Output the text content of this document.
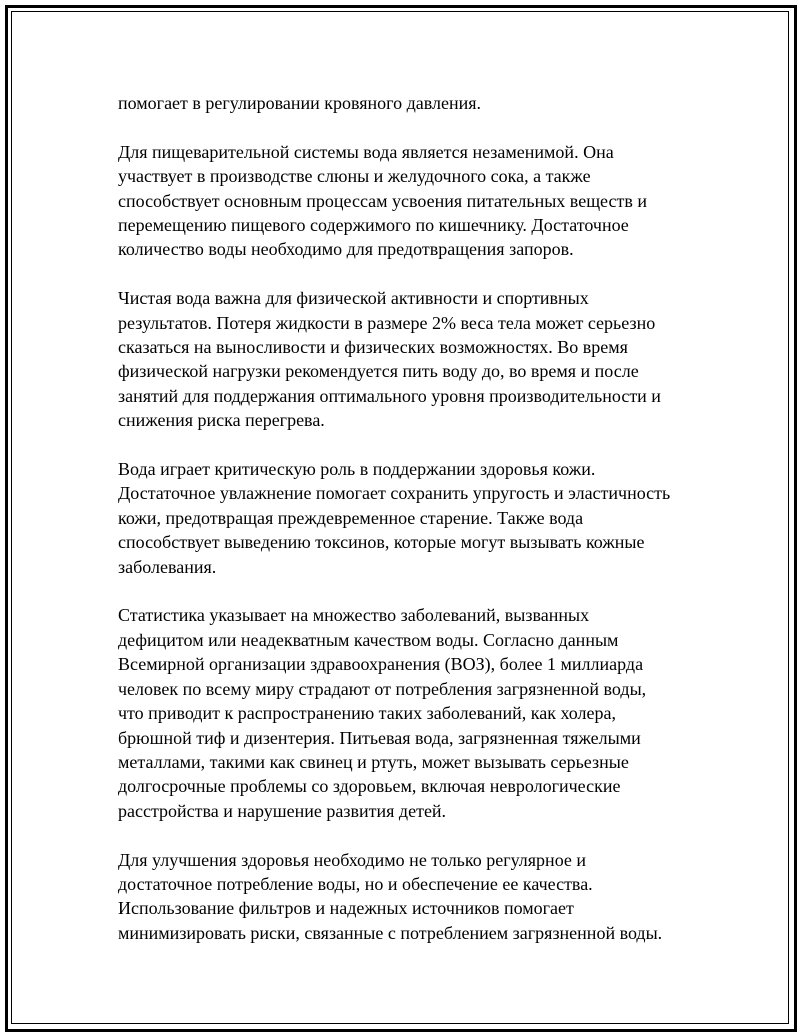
помогает в регулировании кровяного давления.

Для пищеварительной системы вода является незаменимой. Она
участвует в производстве слюны и желудочного сока, а также
способствует основным процессам усвоения питательных веществ и
перемещению пищевого содержимого по кишечнику. Достаточное
количество воды необходимо для предотвращения запоров.

Чистая вода важна для физической активности и спортивных
результатов. Потеря жидкости в размере 2% веса тела может серьезно
сказаться на выносливости и физических возможностях. Во время
физической нагрузки рекомендуется пить воду до, во время и после
занятий для поддержания оптимального уровня производительности и
снижения риска перегрева.

Вода играет критическую роль в поддержании здоровья кожи.
Достаточное увлажнение помогает сохранить упругость и эластичность
кожи, предотвращая преждевременное старение. Также вода
способствует выведению токсинов, которые могут вызывать кожные
заболевания.

Статистика указывает на множество заболеваний, вызванных
дефицитом или неадекватным качеством воды. Согласно данным
Всемирной организации здравоохранения (ВОЗ), более 1 миллиарда
человек по всему миру страдают от потребления загрязненной воды,
что приводит к распространению таких заболеваний, как холера,
брюшной тиф и дизентерия. Питьевая вода, загрязненная тяжелыми
металлами, такими как свинец и ртуть, может вызывать серьезные
долгосрочные проблемы со здоровьем, включая неврологические
расстройства и нарушение развития детей.

Для улучшения здоровья необходимо не только регулярное и
достаточное потребление воды, но и обеспечение ее качества.
Использование фильтров и надежных источников помогает
минимизировать риски, связанные с потреблением загрязненной воды.
